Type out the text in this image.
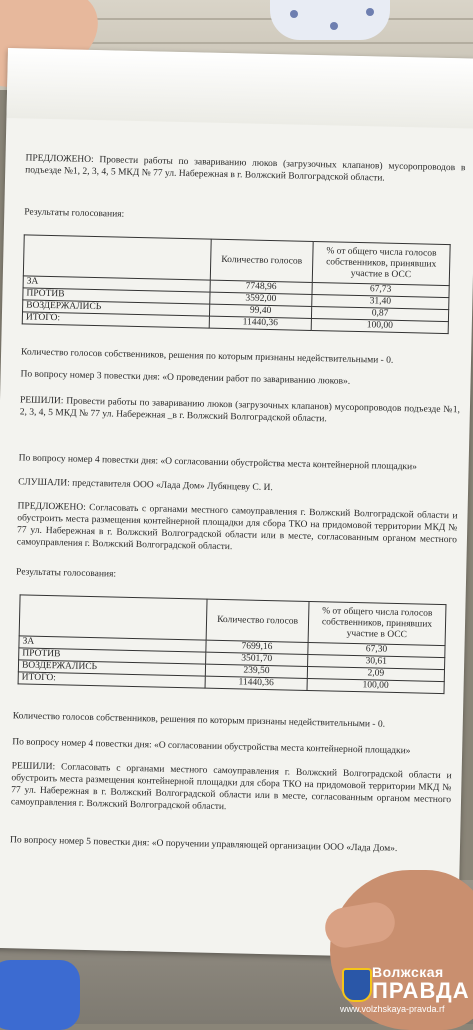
ПРЕДЛОЖЕНО: Провести работы по завариванию люков (загрузочных клапанов) мусоропроводов в подъезде №1, 2, 3, 4, 5 МКД № 77 ул. Набережная в г. Волжский Волгоградской области.
Результаты голосования:
	Количество голосов	% от общего числа голосов собственников, принявших участие в ОСС
ЗА	7748,96	67,73
ПРОТИВ	3592,00	31,40
ВОЗДЕРЖАЛИСЬ	99,40	0,87
ИТОГО:	11440,36	100,00
Количество голосов собственников, решения по которым признаны недействительными - 0.
По вопросу номер 3 повестки дня: «О проведении работ по завариванию люков».
РЕШИЛИ: Провести работы по завариванию люков (загрузочных клапанов) мусоропроводов подъезде №1, 2, 3, 4, 5 МКД № 77 ул. Набережная _в г. Волжский Волгоградской области.
По вопросу номер 4 повестки дня: «О согласовании обустройства места контейнерной площадки»
СЛУШАЛИ: представителя ООО «Лада Дом» Лубянцеву С. И.
ПРЕДЛОЖЕНО: Согласовать с органами местного самоуправления г. Волжский Волгоградской области и обустроить места размещения контейнерной площадки для сбора ТКО на придомовой территории МКД № 77 ул. Набережная в г. Волжский Волгоградской области или в месте, согласованным органом местного самоуправления г. Волжский Волгоградской области.
Результаты голосования:
	Количество голосов	% от общего числа голосов собственников, принявших участие в ОСС
ЗА	7699,16	67,30
ПРОТИВ	3501,70	30,61
ВОЗДЕРЖАЛИСЬ	239,50	2,09
ИТОГО:	11440,36	100,00
Количество голосов собственников, решения по которым признаны недействительными - 0.
По вопросу номер 4 повестки дня: «О согласовании обустройства места контейнерной площадки»
РЕШИЛИ: Согласовать с органами местного самоуправления г. Волжский Волгоградской области и обустроить места размещения контейнерной площадки для сбора ТКО на придомовой территории МКД № 77 ул. Набережная в г. Волжский Волгоградской области или в месте, согласованным органом местного самоуправления г. Волжский Волгоградской области.
По вопросу номер 5 повестки дня: «О поручении управляющей организации ООО «Лада Дом».
Волжская
ПРАВДА
www.volzhskaya-pravda.rf
